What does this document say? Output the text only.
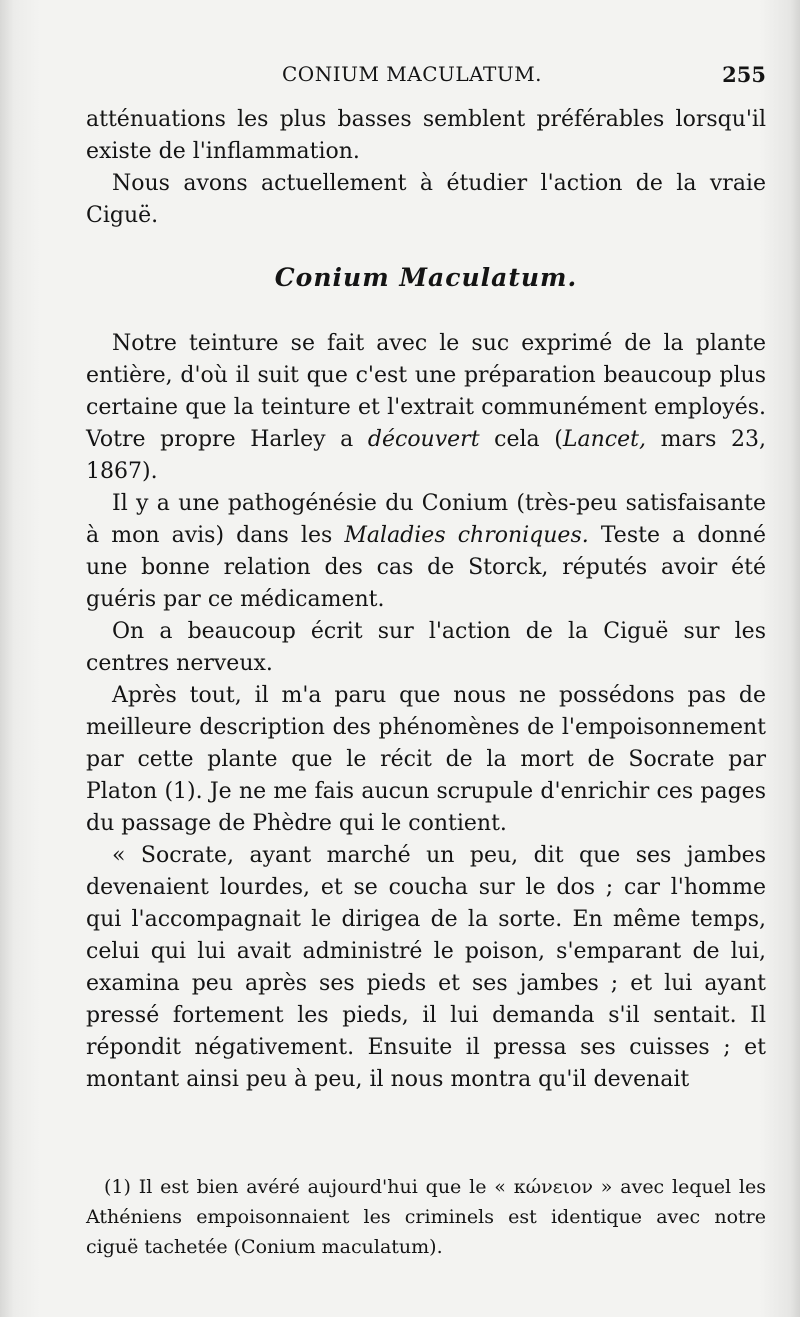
CONIUM MACULATUM.	255

atténuations les plus basses semblent préférables lorsqu'il existe de l'inflammation.

Nous avons actuellement à étudier l'action de la vraie Ciguë.

Conium Maculatum.

Notre teinture se fait avec le suc exprimé de la plante entière, d'où il suit que c'est une préparation beaucoup plus certaine que la teinture et l'extrait communément employés. Votre propre Harley a découvert cela (Lancet, mars 23, 1867).

Il y a une pathogénésie du Conium (très-peu satisfaisante à mon avis) dans les Maladies chroniques. Teste a donné une bonne relation des cas de Storck, réputés avoir été guéris par ce médicament.

On a beaucoup écrit sur l'action de la Ciguë sur les centres nerveux.

Après tout, il m'a paru que nous ne possédons pas de meilleure description des phénomènes de l'empoisonnement par cette plante que le récit de la mort de Socrate par Platon (1). Je ne me fais aucun scrupule d'enrichir ces pages du passage de Phèdre qui le contient.

« Socrate, ayant marché un peu, dit que ses jambes devenaient lourdes, et se coucha sur le dos ; car l'homme qui l'accompagnait le dirigea de la sorte. En même temps, celui qui lui avait administré le poison, s'emparant de lui, examina peu après ses pieds et ses jambes ; et lui ayant pressé fortement les pieds, il lui demanda s'il sentait. Il répondit négativement. Ensuite il pressa ses cuisses ; et montant ainsi peu à peu, il nous montra qu'il devenait

(1) Il est bien avéré aujourd'hui que le « κώνειον » avec lequel les Athéniens empoisonnaient les criminels est identique avec notre ciguë tachetée (Conium maculatum).
